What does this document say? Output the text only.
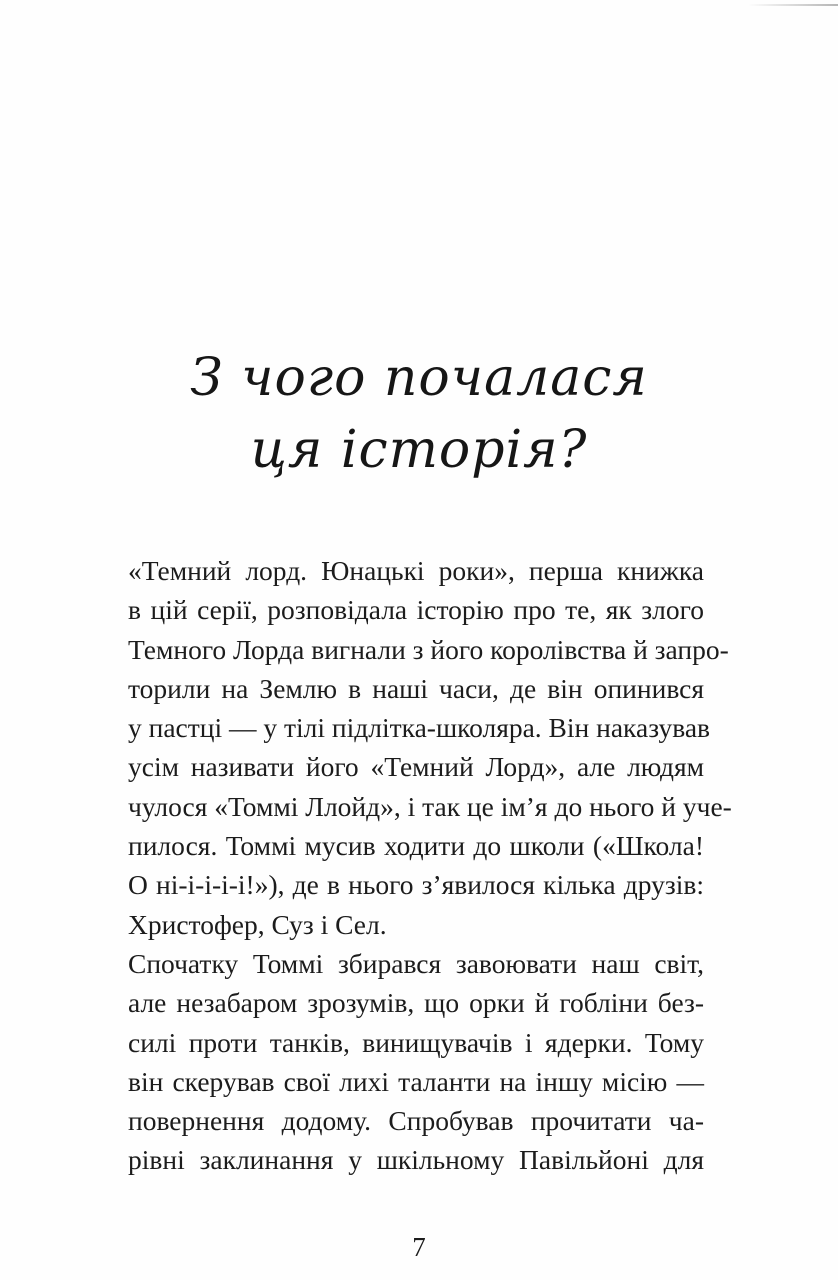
З чого почалася
ця історія?

«Темний лорд. Юнацькі роки», перша книжка
в цій серії, розповідала історію про те, як злого
Темного Лорда вигнали з його королівства й запро-
торили на Землю в наші часи, де він опинився
у пастці — у тілі підлітка-школяра. Він наказував
усім називати його «Темний Лорд», але людям
чулося «Томмі Ллойд», і так це ім’я до нього й уче-
пилося. Томмі мусив ходити до школи («Школа!
О ні-і-і-і-і!»), де в нього з’явилося кілька друзів:
Христофер, Суз і Сел.

Спочатку Томмі збирався завоювати наш світ,
але незабаром зрозумів, що орки й гобліни без-
силі проти танків, винищувачів і ядерки. Тому
він скерував свої лихі таланти на іншу місію —
повернення додому. Спробував прочитати ча-
рівні заклинання у шкільному Павільйоні для

7
